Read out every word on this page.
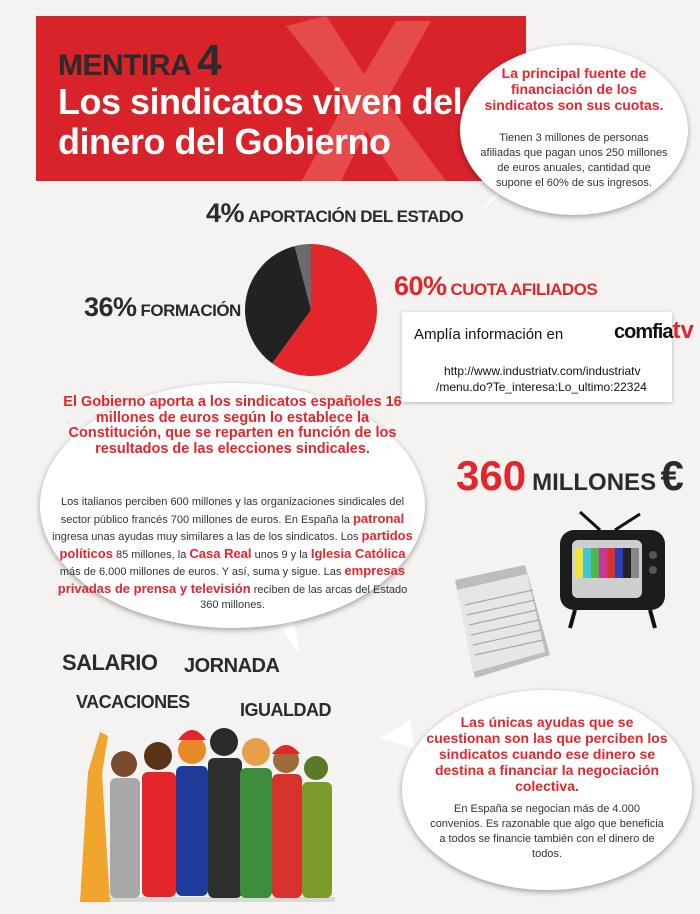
MENTIRA 4
Los sindicatos viven del dinero del Gobierno
La principal fuente de financiación de los sindicatos son sus cuotas.
Tienen 3 millones de personas afiliadas que pagan unos 250 millones de euros anuales, cantidad que supone el 60% de sus ingresos.
4% APORTACIÓN DEL ESTADO
60% CUOTA AFILIADOS
36% FORMACIÓN
Amplía información en	comfiatv
http://www.industriatv.com/industriatv
/menu.do?Te_interesa:Lo_ultimo:22324
El Gobierno aporta a los sindicatos españoles 16 millones de euros según lo establece la Constitución, que se reparten en función de los resultados de las elecciones sindicales.
Los italianos perciben 600 millones y las organizaciones sindicales del sector público francés 700 millones de euros. En España la patronal ingresa unas ayudas muy similares a las de los sindicatos. Los partidos políticos 85 millones, la Casa Real unos 9 y la Iglesia Católica más de 6.000 millones de euros. Y así, suma y sigue. Las empresas privadas de prensa y televisión reciben de las arcas del Estado 360 millones.
360 MILLONES €
SALARIO JORNADA
VACACIONES	IGUALDAD
Las únicas ayudas que se cuestionan son las que perciben los sindicatos cuando ese dinero se destina a financiar la negociación colectiva.
En España se negocian más de 4.000 convenios. Es razonable que algo que beneficia a todos se financie también con el dinero de todos.
